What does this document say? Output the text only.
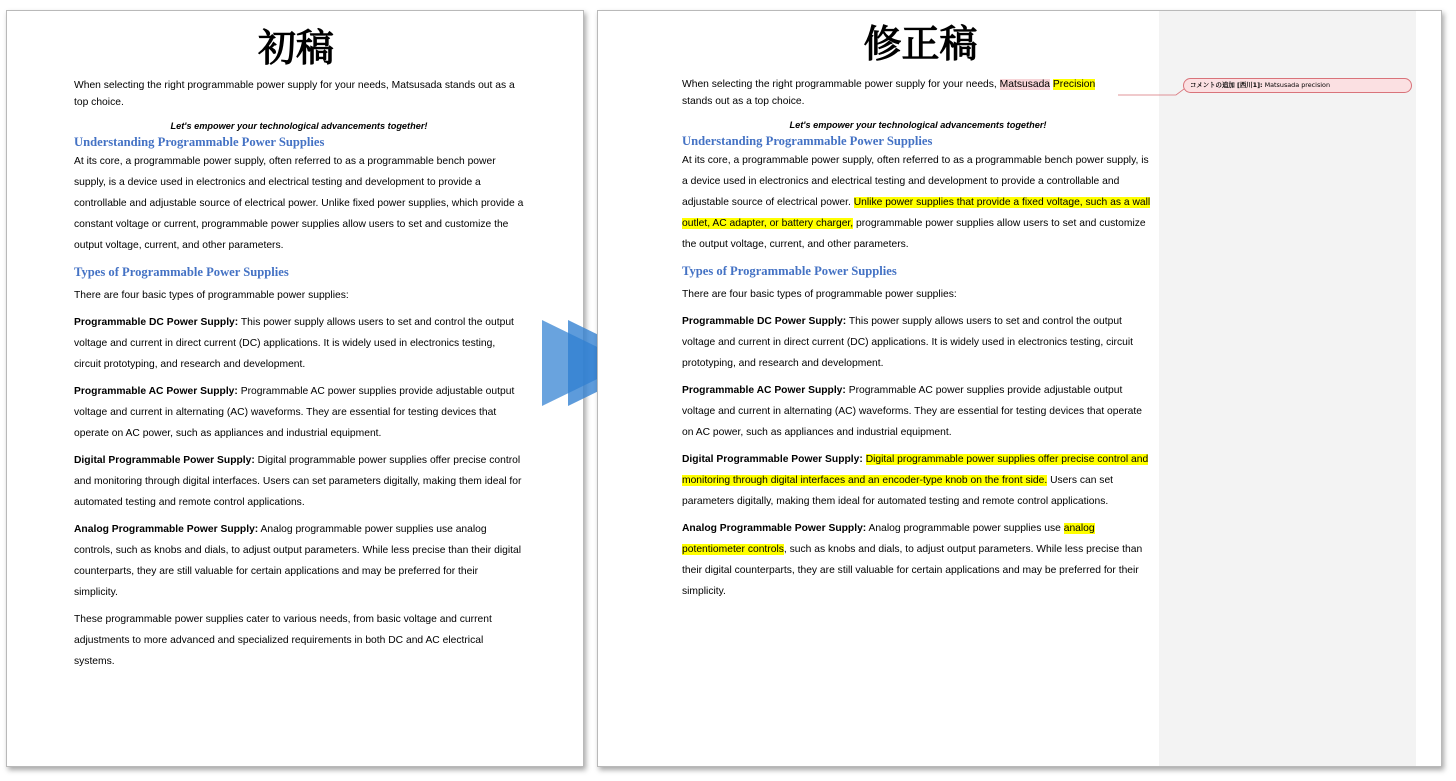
初稿

When selecting the right programmable power supply for your needs, Matsusada stands out as a top choice.

Let's empower your technological advancements together!

Understanding Programmable Power Supplies

At its core, a programmable power supply, often referred to as a programmable bench power supply, is a device used in electronics and electrical testing and development to provide a controllable and adjustable source of electrical power. Unlike fixed power supplies, which provide a constant voltage or current, programmable power supplies allow users to set and customize the output voltage, current, and other parameters.

Types of Programmable Power Supplies

There are four basic types of programmable power supplies:

Programmable DC Power Supply: This power supply allows users to set and control the output voltage and current in direct current (DC) applications. It is widely used in electronics testing, circuit prototyping, and research and development.

Programmable AC Power Supply: Programmable AC power supplies provide adjustable output voltage and current in alternating (AC) waveforms. They are essential for testing devices that operate on AC power, such as appliances and industrial equipment.

Digital Programmable Power Supply: Digital programmable power supplies offer precise control and monitoring through digital interfaces. Users can set parameters digitally, making them ideal for automated testing and remote control applications.

Analog Programmable Power Supply: Analog programmable power supplies use analog controls, such as knobs and dials, to adjust output parameters. While less precise than their digital counterparts, they are still valuable for certain applications and may be preferred for their simplicity.

These programmable power supplies cater to various needs, from basic voltage and current adjustments to more advanced and specialized requirements in both DC and AC electrical systems.

修正稿

When selecting the right programmable power supply for your needs, Matsusada Precision
stands out as a top choice.

Let's empower your technological advancements together!

Understanding Programmable Power Supplies

At its core, a programmable power supply, often referred to as a programmable bench power supply, is a device used in electronics and electrical testing and development to provide a controllable and adjustable source of electrical power. Unlike power supplies that provide a fixed voltage, such as a wall outlet, AC adapter, or battery charger, programmable power supplies allow users to set and customize the output voltage, current, and other parameters.

Types of Programmable Power Supplies

There are four basic types of programmable power supplies:

Programmable DC Power Supply: This power supply allows users to set and control the output voltage and current in direct current (DC) applications. It is widely used in electronics testing, circuit prototyping, and research and development.

Programmable AC Power Supply: Programmable AC power supplies provide adjustable output voltage and current in alternating (AC) waveforms. They are essential for testing devices that operate on AC power, such as appliances and industrial equipment.

Digital Programmable Power Supply: Digital programmable power supplies offer precise control and monitoring through digital interfaces and an encoder-type knob on the front side. Users can set parameters digitally, making them ideal for automated testing and remote control applications.

Analog Programmable Power Supply: Analog programmable power supplies use analog potentiometer controls, such as knobs and dials, to adjust output parameters. While less precise than their digital counterparts, they are still valuable for certain applications and may be preferred for their simplicity.

コメントの追加 [西川1]: Matsusada precision
